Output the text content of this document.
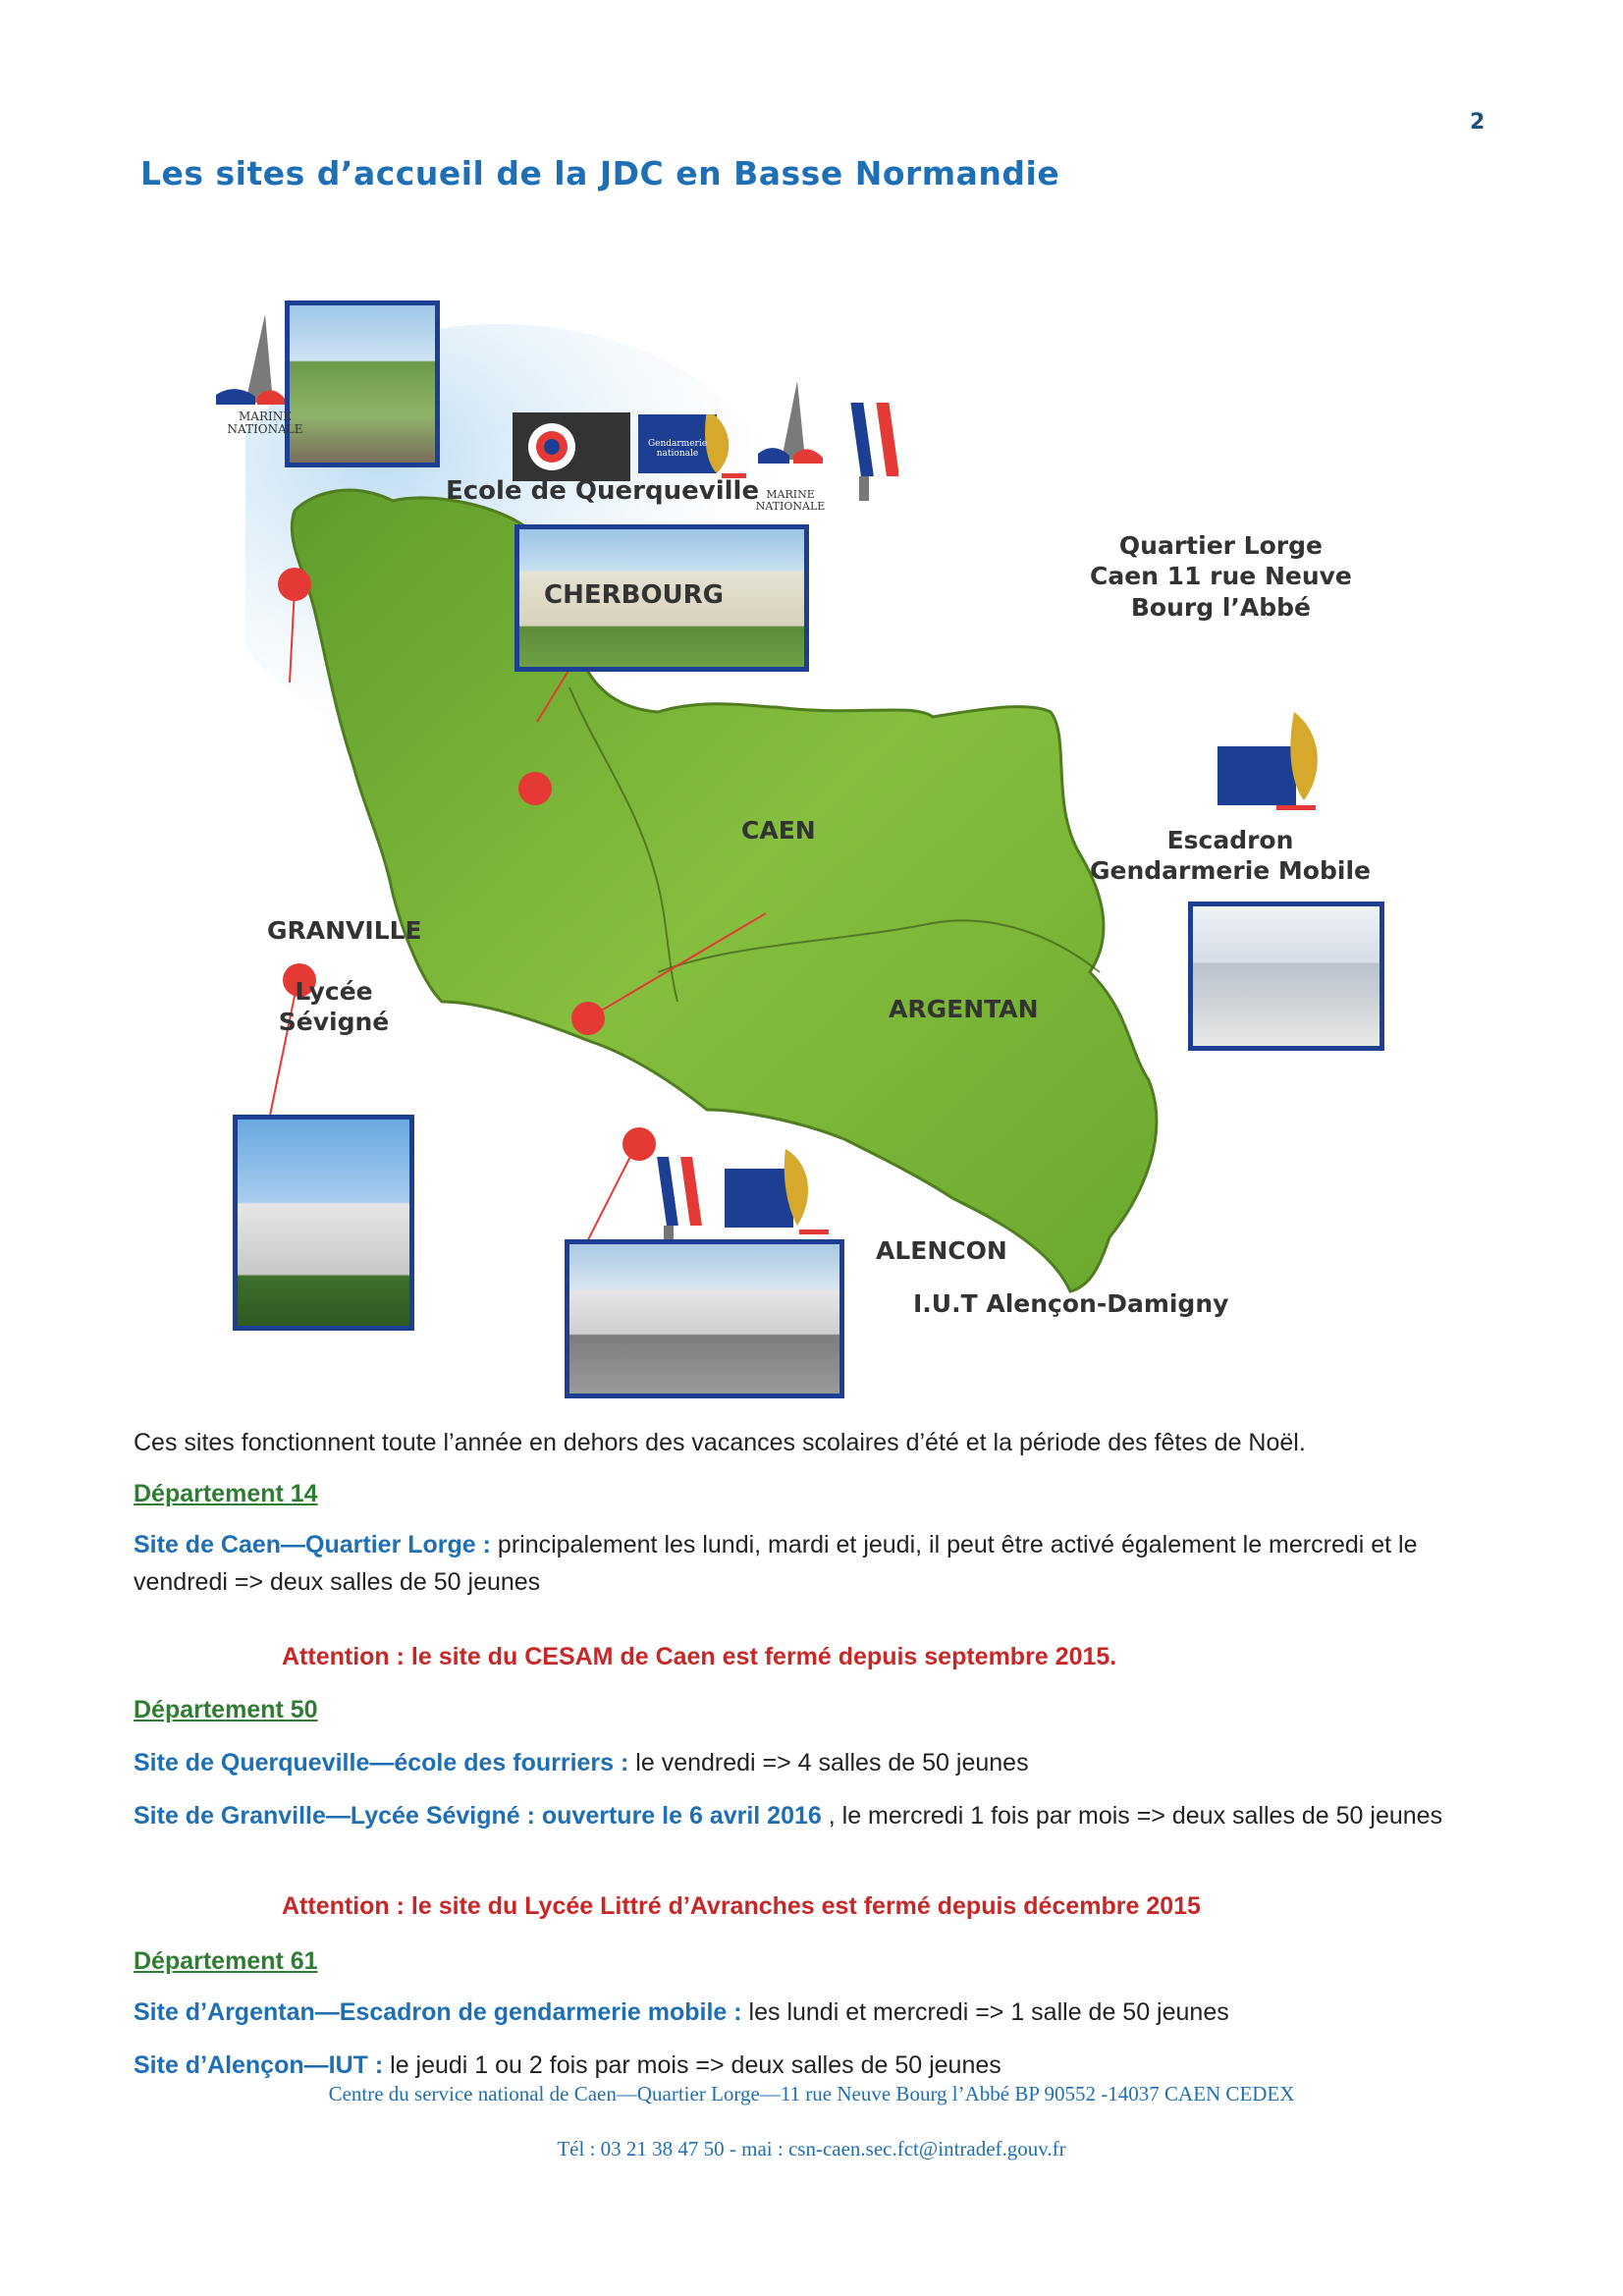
2
Les sites d’accueil de la JDC en Basse Normandie
MARINE
NATIONALE
Gendarmerie
nationale
MARINE
NATIONALE
Ecole de Querqueville
CHERBOURG
Quartier Lorge
Caen 11 rue Neuve
Bourg l’Abbé
CAEN	Escadron
Gendarmerie Mobile
GRANVILLE
Lycée
Sévigné	ARGENTAN
ALENCON
I.U.T Alençon-Damigny
Ces sites fonctionnent toute l’année en dehors des vacances scolaires d’été et la période des fêtes de Noël.
Département 14
Site de Caen—Quartier Lorge : principalement les lundi, mardi et jeudi, il peut être activé également le mercredi et le vendredi => deux salles de 50 jeunes
Attention : le site du CESAM de Caen est fermé depuis septembre 2015.
Département 50
Site de Querqueville—école des fourriers : le vendredi => 4 salles de 50 jeunes
Site de Granville—Lycée Sévigné : ouverture le 6 avril 2016 , le mercredi 1 fois par mois => deux salles de 50 jeunes
Attention : le site du Lycée Littré d’Avranches est fermé depuis décembre 2015
Département 61
Site d’Argentan—Escadron de gendarmerie mobile : les lundi et mercredi => 1 salle de 50 jeunes
Site d’Alençon—IUT : le jeudi 1 ou 2 fois par mois => deux salles de 50 jeunes
Centre du service national de Caen—Quartier Lorge—11 rue Neuve Bourg l’Abbé BP 90552 -14037 CAEN CEDEX
Tél : 03 21 38 47 50 - mai : csn-caen.sec.fct@intradef.gouv.fr
